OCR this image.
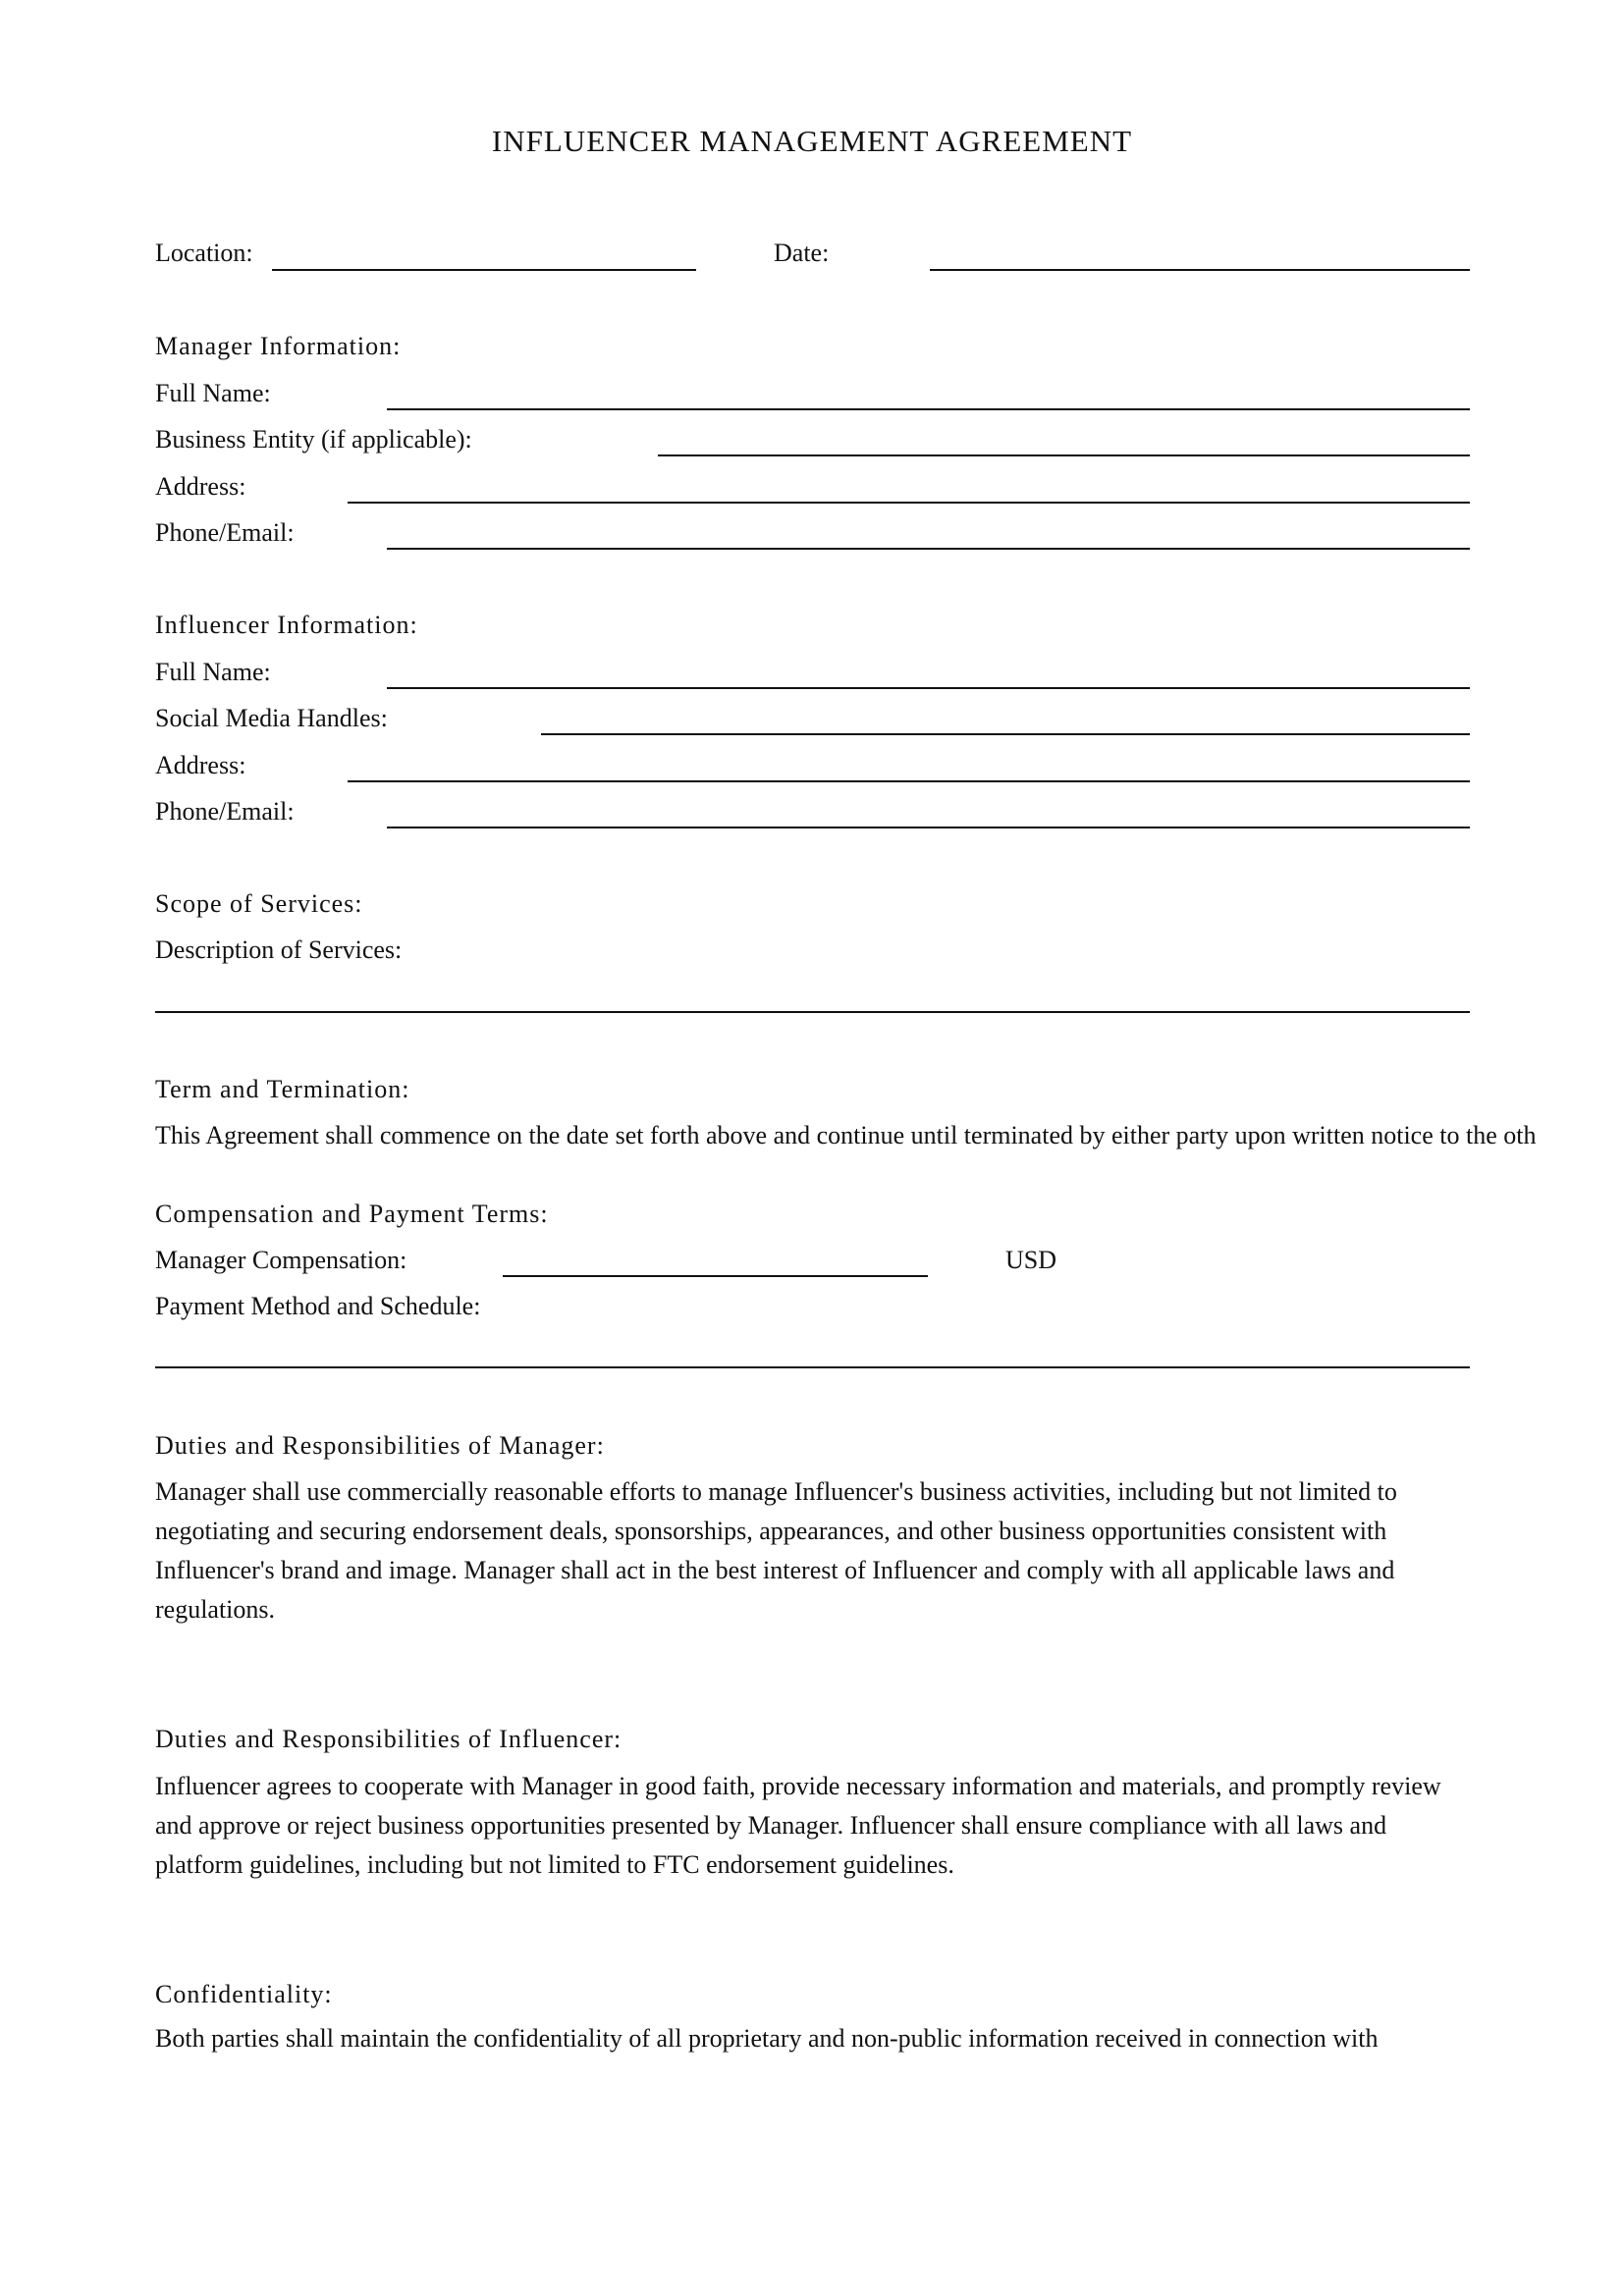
INFLUENCER MANAGEMENT AGREEMENT
Location:	Date:
Manager Information:
Full Name:
Business Entity (if applicable):
Address:
Phone/Email:
Influencer Information:
Full Name:
Social Media Handles:
Address:
Phone/Email:
Scope of Services:
Description of Services:
Term and Termination:
This Agreement shall commence on the date set forth above and continue until terminated by either party upon written notice to the oth
Compensation and Payment Terms:
Manager Compensation:	USD
Payment Method and Schedule:
Duties and Responsibilities of Manager:
Manager shall use commercially reasonable efforts to manage Influencer's business activities, including but not limited to negotiating and securing endorsement deals, sponsorships, appearances, and other business opportunities consistent with Influencer's brand and image. Manager shall act in the best interest of Influencer and comply with all applicable laws and regulations.
Duties and Responsibilities of Influencer:
Influencer agrees to cooperate with Manager in good faith, provide necessary information and materials, and promptly review and approve or reject business opportunities presented by Manager. Influencer shall ensure compliance with all laws and platform guidelines, including but not limited to FTC endorsement guidelines.
Confidentiality:
Both parties shall maintain the confidentiality of all proprietary and non-public information received in connection with
